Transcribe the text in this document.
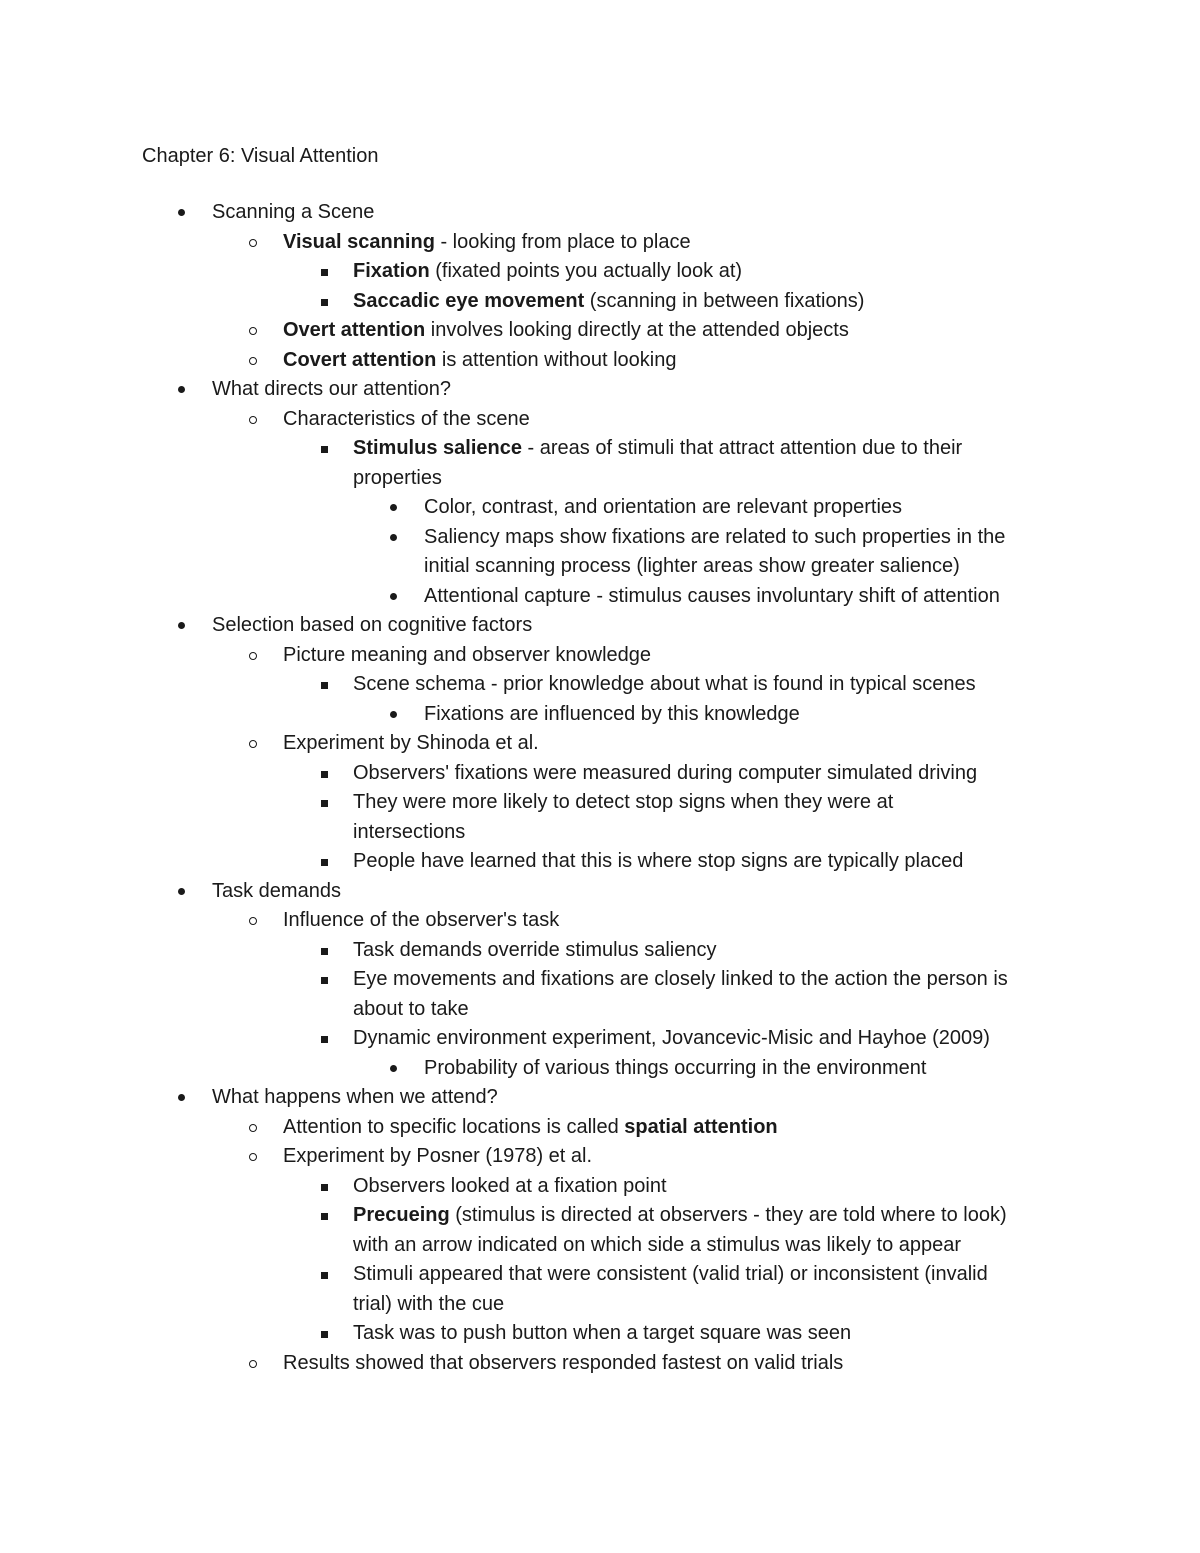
Chapter 6: Visual Attention
Scanning a Scene
Visual scanning - looking from place to place
Fixation (fixated points you actually look at)
Saccadic eye movement (scanning in between fixations)
Overt attention involves looking directly at the attended objects
Covert attention is attention without looking
What directs our attention?
Characteristics of the scene
Stimulus salience - areas of stimuli that attract attention due to their
properties
Color, contrast, and orientation are relevant properties
Saliency maps show fixations are related to such properties in the
initial scanning process (lighter areas show greater salience)
Attentional capture - stimulus causes involuntary shift of attention
Selection based on cognitive factors
Picture meaning and observer knowledge
Scene schema - prior knowledge about what is found in typical scenes
Fixations are influenced by this knowledge
Experiment by Shinoda et al.
Observers' fixations were measured during computer simulated driving
They were more likely to detect stop signs when they were at
intersections
People have learned that this is where stop signs are typically placed
Task demands
Influence of the observer's task
Task demands override stimulus saliency
Eye movements and fixations are closely linked to the action the person is
about to take
Dynamic environment experiment, Jovancevic-Misic and Hayhoe (2009)
Probability of various things occurring in the environment
What happens when we attend?
Attention to specific locations is called spatial attention
Experiment by Posner (1978) et al.
Observers looked at a fixation point
Precueing (stimulus is directed at observers - they are told where to look)
with an arrow indicated on which side a stimulus was likely to appear
Stimuli appeared that were consistent (valid trial) or inconsistent (invalid
trial) with the cue
Task was to push button when a target square was seen
Results showed that observers responded fastest on valid trials
